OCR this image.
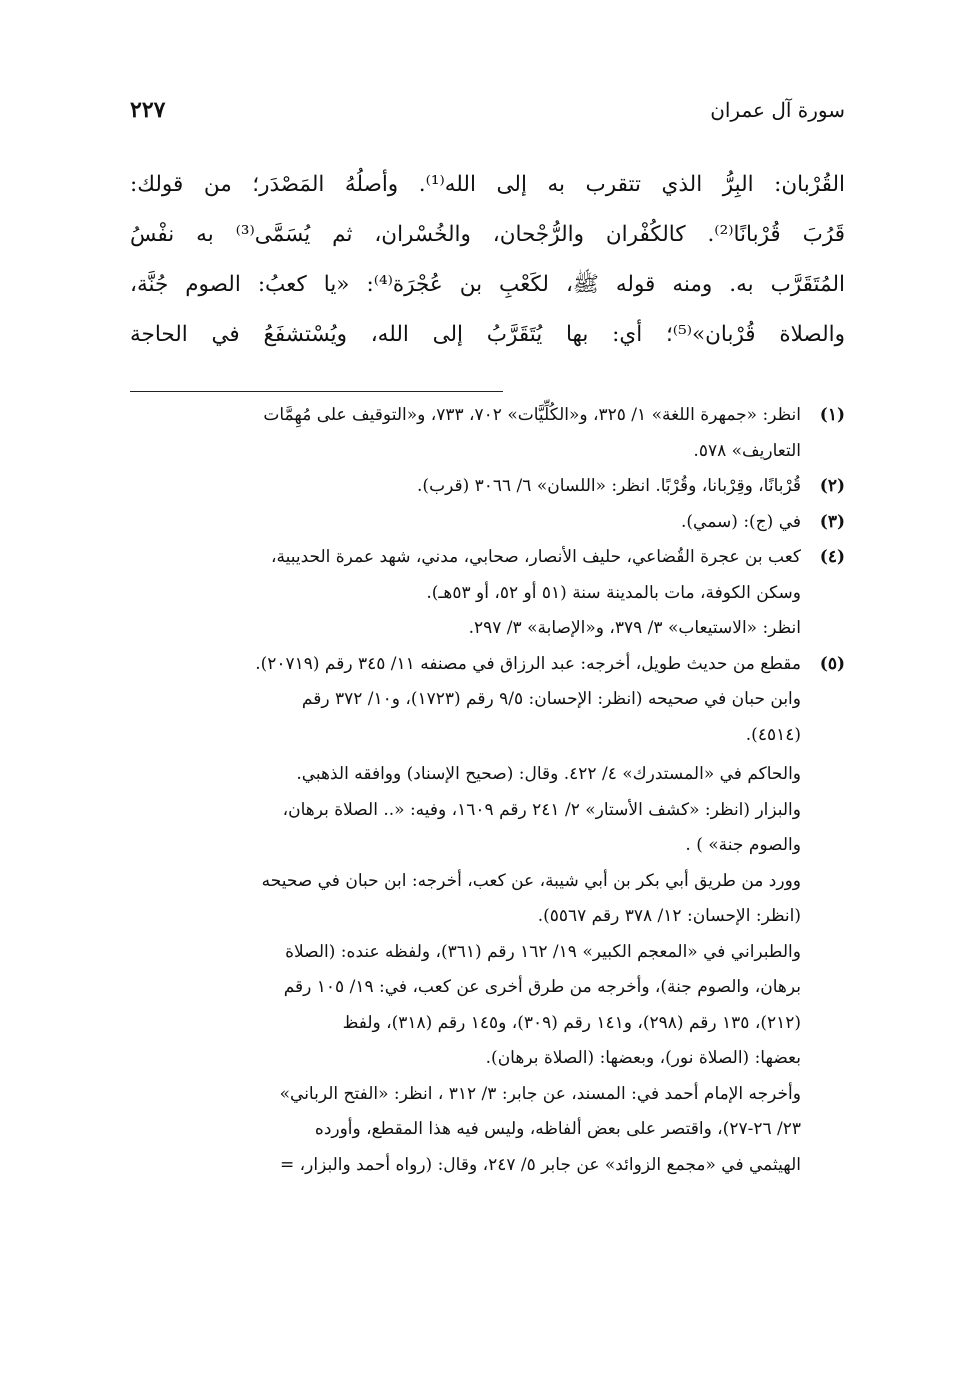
سورة آل عمران
٢٢٧
القُرْبان: البِرُّ الذي تتقرب به إلى الله⁽¹⁾. وأصلُهُ المَصْدَر؛ من قولك:
قَرُبَ قُرْبانًا⁽²⁾. كالكُفْران والرُّجْحان، والخُسْران، ثم يُسَمَّى⁽³⁾ به نفْسُ
المُتَقَرَّب به. ومنه قوله ﷺ، لكَعْبِ بن عُجْرَة⁽⁴⁾: «يا كعبُ: الصوم جُنَّة،
والصلاة قُرْبان»⁽⁵⁾؛ أي: بها يُتَقَرَّبُ إلى الله، ويُسْتشفَعُ في الحاجة
(١)
انظر: «جمهرة اللغة» ١/ ٣٢٥، و«الكُلِّيَّات» ٧٠٢، ٧٣٣، و«التوقيف على مُهِمَّات
التعاريف» ٥٧٨.
(٢)
قُرْبانًا، وقِرْبانا، وقُرْبًا. انظر: «اللسان» ٦/ ٣٠٦٦ (قرب).
(٣)
في (ج): (سمي).
(٤)
كعب بن عجرة القُضاعي، حليف الأنصار، صحابي، مدني، شهد عمرة الحديبية،
وسكن الكوفة، مات بالمدينة سنة (٥١ أو ٥٢، أو ٥٣هـ).
انظر: «الاستيعاب» ٣/ ٣٧٩، و«الإصابة» ٣/ ٢٩٧.
(٥)
مقطع من حديث طويل، أخرجه: عبد الرزاق في مصنفه ١١/ ٣٤٥ رقم (٢٠٧١٩).
وابن حبان في صحيحه (انظر: الإحسان: ٩/٥ رقم (١٧٢٣)، و١٠/ ٣٧٢ رقم
(٤٥١٤).
والحاكم في «المستدرك» ٤/ ٤٢٢. وقال: (صحيح الإسناد) ووافقه الذهبي.
والبزار (انظر: «كشف الأستار» ٢/ ٢٤١ رقم ١٦٠٩، وفيه: «.. الصلاة برهان،
والصوم جنة» ) .
وورد من طريق أبي بكر بن أبي شيبة، عن كعب، أخرجه: ابن حبان في صحيحه
(انظر: الإحسان: ١٢/ ٣٧٨ رقم ٥٥٦٧).
والطبراني في «المعجم الكبير» ١٩/ ١٦٢ رقم (٣٦١)، ولفظه عنده: (الصلاة
برهان، والصوم جنة)، وأخرجه من طرق أخرى عن كعب، في: ١٩/ ١٠٥ رقم
(٢١٢)، ١٣٥ رقم (٢٩٨)، و١٤١ رقم (٣٠٩)، و١٤٥ رقم (٣١٨)، ولفظ
بعضها: (الصلاة نور)، وبعضها: (الصلاة برهان).
وأخرجه الإمام أحمد في: المسند، عن جابر: ٣/ ٣١٢ ، انظر: «الفتح الرباني»
٢٣/ ٢٦-٢٧)، واقتصر على بعض ألفاظه، وليس فيه هذا المقطع، وأورده
الهيثمي في «مجمع الزوائد» عن جابر ٥/ ٢٤٧، وقال: (رواه أحمد والبزار، =
